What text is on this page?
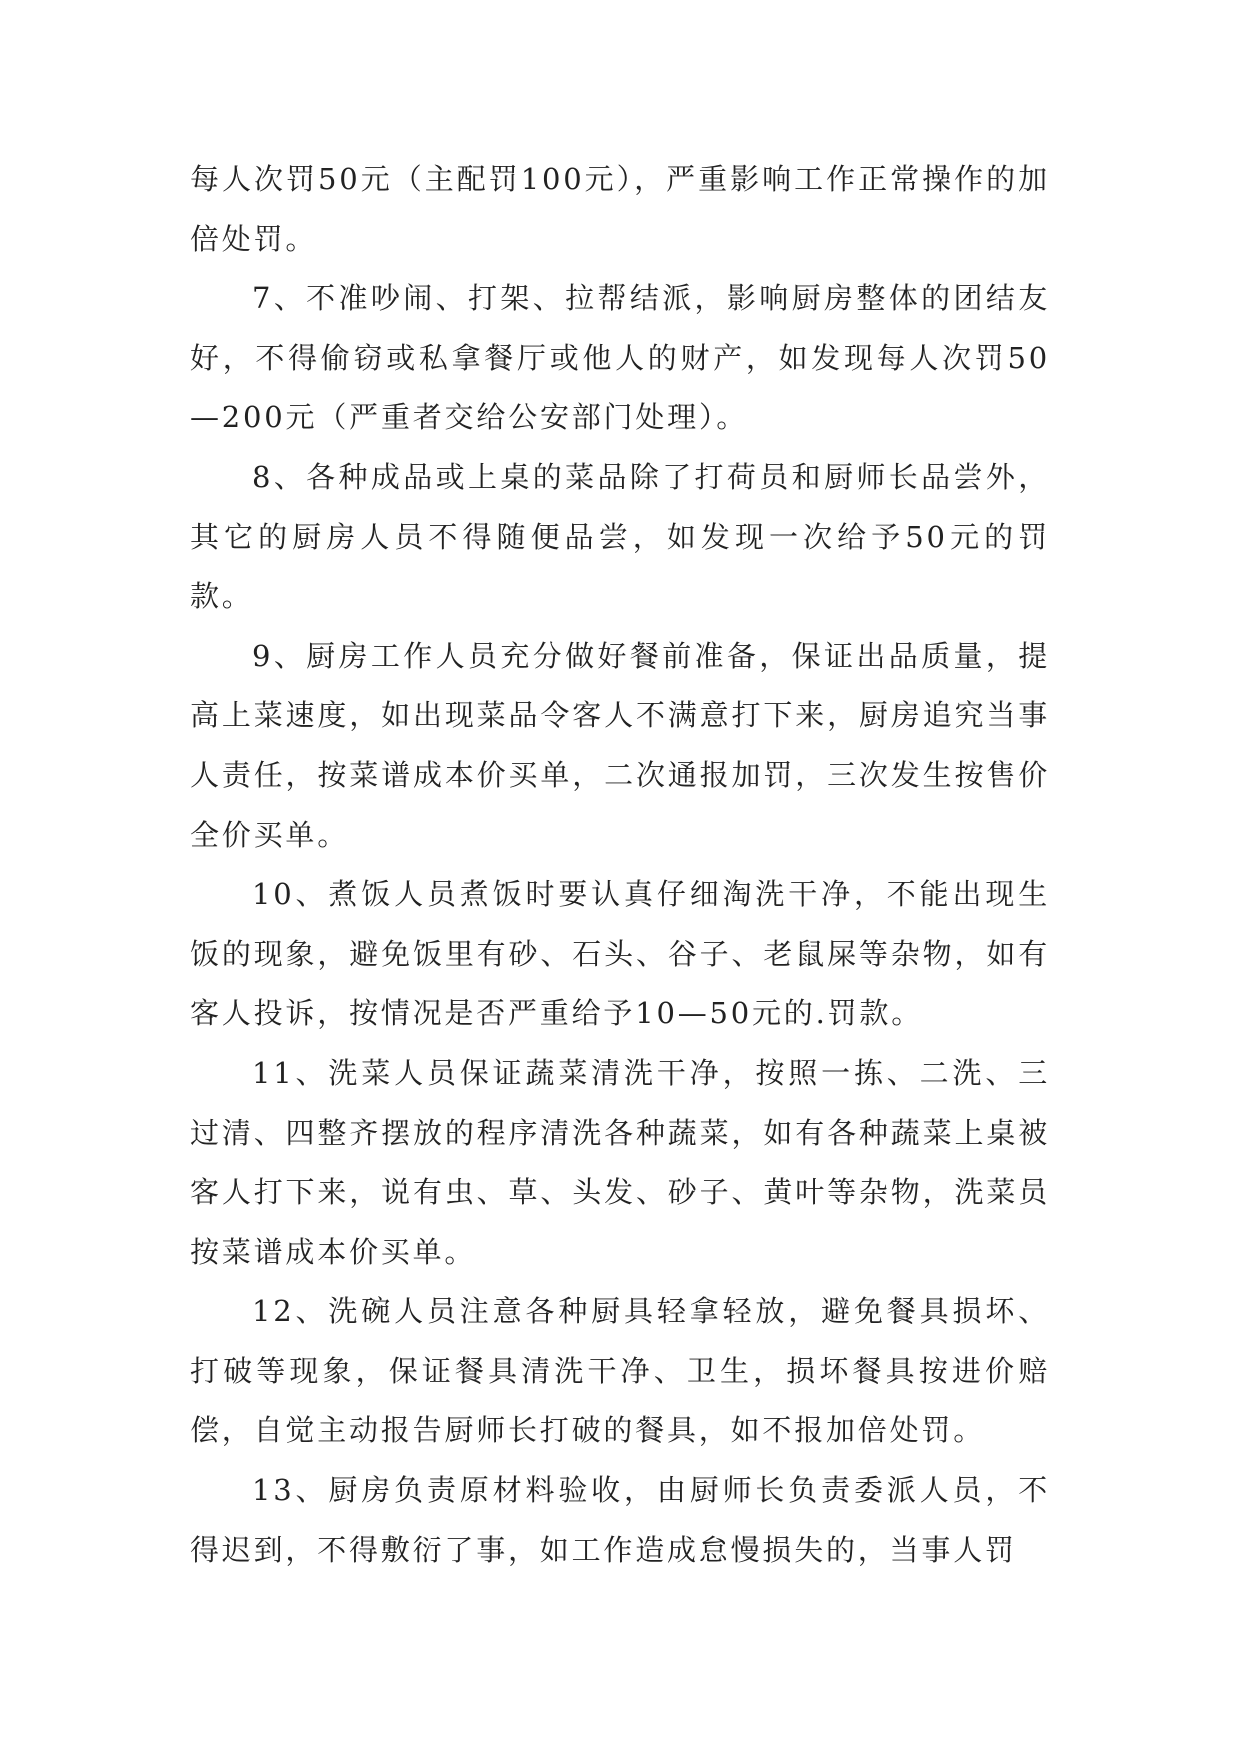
每人次罚50元（主配罚100元），严重影响工作正常操作的加倍处罚。

7、不准吵闹、打架、拉帮结派，影响厨房整体的团结友好，不得偷窃或私拿餐厅或他人的财产，如发现每人次罚50—200元（严重者交给公安部门处理）。

8、各种成品或上桌的菜品除了打荷员和厨师长品尝外，其它的厨房人员不得随便品尝，如发现一次给予50元的罚款。

9、厨房工作人员充分做好餐前准备，保证出品质量，提高上菜速度，如出现菜品令客人不满意打下来，厨房追究当事人责任，按菜谱成本价买单，二次通报加罚，三次发生按售价全价买单。

10、煮饭人员煮饭时要认真仔细淘洗干净，不能出现生饭的现象，避免饭里有砂、石头、谷子、老鼠屎等杂物，如有客人投诉，按情况是否严重给予10—50元的.罚款。

11、洗菜人员保证蔬菜清洗干净，按照一拣、二洗、三过清、四整齐摆放的程序清洗各种蔬菜，如有各种蔬菜上桌被客人打下来，说有虫、草、头发、砂子、黄叶等杂物，洗菜员按菜谱成本价买单。

12、洗碗人员注意各种厨具轻拿轻放，避免餐具损坏、打破等现象，保证餐具清洗干净、卫生，损坏餐具按进价赔偿，自觉主动报告厨师长打破的餐具，如不报加倍处罚。

13、厨房负责原材料验收，由厨师长负责委派人员，不得迟到，不得敷衍了事，如工作造成怠慢损失的，当事人罚
